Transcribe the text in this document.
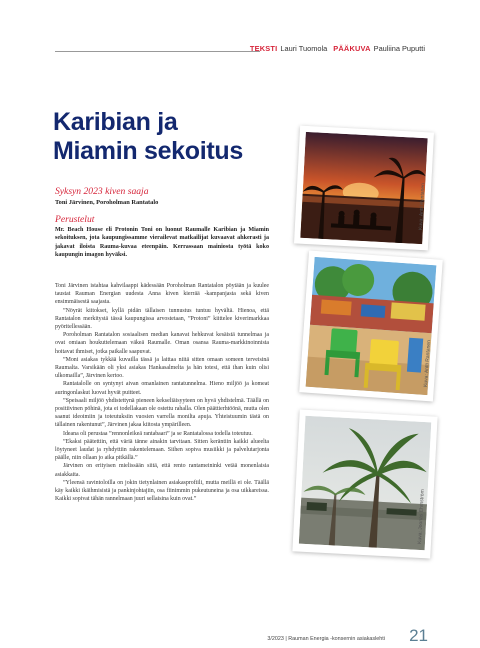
TEKSTI Lauri Tuomola PÄÄKUVA Pauliina Puputti
Karibian ja
Miamin sekoitus
Syksyn 2023 kiven saaja
Toni Järvinen, Poroholman Rantatalo
Perustelut
Mr. Beach House eli Protonin Toni on luonut Raumalle Karibian ja Miamin sekoituksen, jota kaupungissamme vierailevat matkailijat kuvaavat ahkerasti ja jakavat iloista Rauma-kuvaa eteenpäin. Kerrassaan mainiosta työtä koko kaupungin imagon hyväksi.

Toni Järvinen istahtaa kahvilaappi kädessään Poroholman Rantatalon pöytään ja kuulee taustat Rauman Energian uudesta Anna kiven kierrää -kampanjasta sekä kiven ensimmäisestä saajasta.

”Nöyrät kiitokset, kyllä pidän tällaisen tunnustus tuntuu hyvältä. Hienoa, että Rantatalon merkitystä tässä kaupungissa arvostetaan, ”Protoni” kiittelee kiverimarkkaa pyöritellessään.

Poroholman Rantatalon sosiaalisen median kanavat hehkuvat kesäistä tunnelmaa ja ovat omiaan houkuttelemaan väkeä Raumalle. Oman osansa Rauma-markkinoinnista hoitavat ihmiset, jotka paikalle saapuvat.

”Moni asiakas tykkää kuvailla tässä ja laittaa niitä sitten omaan someen terveisinä Raumalta. Varsikään oli yksi asiakas Hankasalmelta ja hän totesi, että ihan kuin olisi ulkomailla”, Järvinen kertoo.

Rantatalolle on syntynyt aivan omanlainen rantatunnelma. Hieno miljöö ja komeat auringonlaskut luovat hyvät puitteet.

”Speisaali miljöö yhdistettynä pieneen kekseliäisyyteen on hyvä yhdistelmä. Täällä on positiivinen pöhinä, jota ei todellakaan ole ostettu rahalla. Olen päättierhtöönä, mutta olen saanut ideoimiin ja toteutuksiin vuosien varrella monilta apuja. Yhteistuumin tästä on tällainen rakentunut”, Järvinen jakaa kiitosta ympärilleen.

Ideana oli perustaa ”rennonleikeä rantabaari” ja se Rantatalossa todella toteutuu.

”Ekaksi päätettiin, että väriä tänne ainakin tarvitaan. Sitten keräntiin kaikki alueelta löytyneet laudat ja ryhdyttiin rakentelemaan. Siihen sopiva musiikki ja palvelutarjonta päälle, niin ollaan jo aika pitkällä.”

Järvinen on erityisen mielissään siitä, että rento rantameininki vetää monenlaisia asiakkaita.

”Yleensä ravintoloilla on jokin tietynlainen asiakasprofiili, mutta meillä ei ole. Täällä käy kaikki ikäihmisistä ja pankinjohtajiin, osa fiinimmin pukeutuneina ja osa uikkareissa. Kaikki sopivat tähän rannelmaan juuri sellaisina kuin ovat.”

Kuva: Antti Rantanen
Kuva: Antti Rantanen
Kuva: Joonas Ehrnström
3/2023 | Rauman Energia -konsernin asiakaslehti 21
